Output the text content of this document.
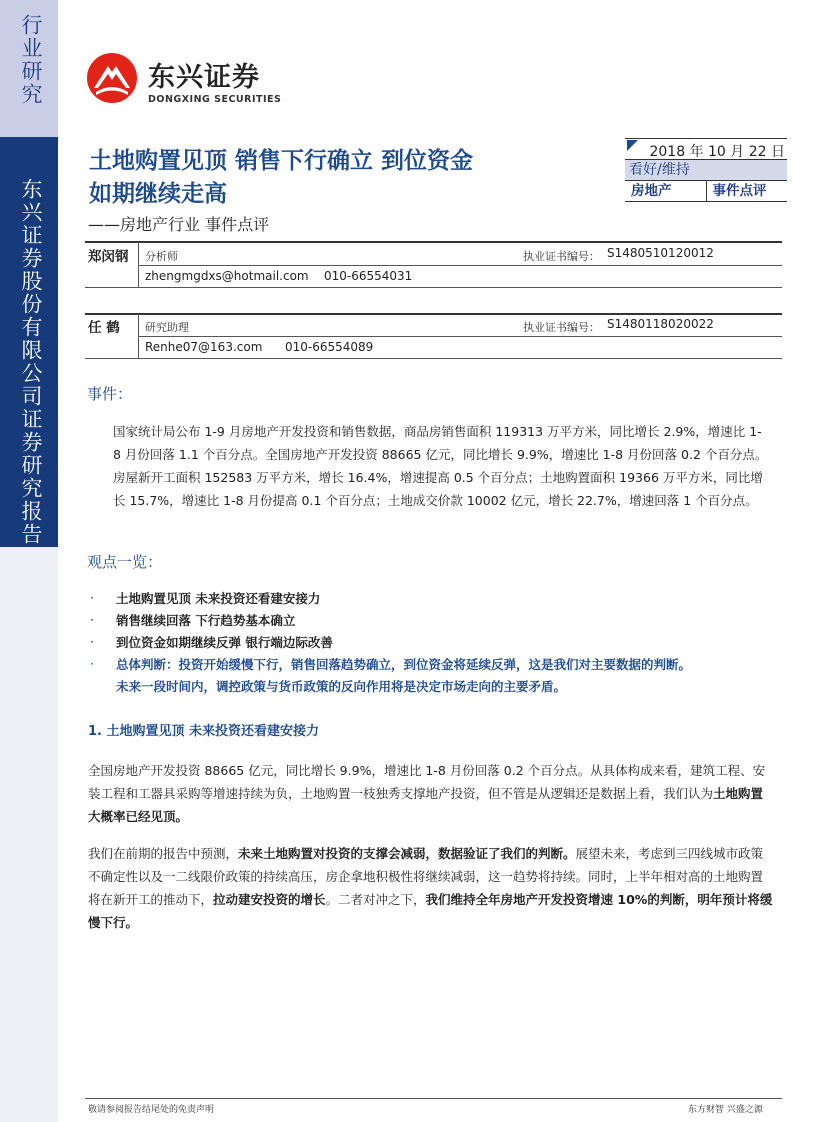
行业研究
东兴证券股份有限公司证券研究报告
东兴证券
DONGXING SECURITIES
土地购置见顶 销售下行确立 到位资金
如期继续走高
——房地产行业 事件点评
2018 年 10 月 22 日
看好/维持
房地产	事件点评
郑闵钢 分析师	执业证书编号： S1480510120012
zhengmgdxs@hotmail.com 010-66554031
任 鹤 研究助理	执业证书编号： S1480118020022
Renhe07@163.com 010-66554089
事件：
国家统计局公布 1-9 月房地产开发投资和销售数据，商品房销售面积 119313 万平方米，同比增长 2.9%，增速比 1-8 月份回落 1.1 个百分点。全国房地产开发投资 88665 亿元，同比增长 9.9%，增速比 1-8 月份回落 0.2 个百分点。房屋新开工面积 152583 万平方米，增长 16.4%，增速提高 0.5 个百分点；土地购置面积 19366 万平方米，同比增长 15.7%，增速比 1-8 月份提高 0.1 个百分点；土地成交价款 10002 亿元，增长 22.7%，增速回落 1 个百分点。
观点一览：
· 土地购置见顶 未来投资还看建安接力
· 销售继续回落 下行趋势基本确立
· 到位资金如期继续反弹 银行端边际改善
· 总体判断：投资开始缓慢下行，销售回落趋势确立，到位资金将延续反弹，这是我们对主要数据的判断。
未来一段时间内，调控政策与货币政策的反向作用将是决定市场走向的主要矛盾。
1. 土地购置见顶 未来投资还看建安接力
全国房地产开发投资 88665 亿元，同比增长 9.9%，增速比 1-8 月份回落 0.2 个百分点。从具体构成来看，建筑工程、安装工程和工器具采购等增速持续为负，土地购置一枝独秀支撑地产投资，但不管是从逻辑还是数据上看，我们认为土地购置大概率已经见顶。
我们在前期的报告中预测，未来土地购置对投资的支撑会减弱，数据验证了我们的判断。展望未来，考虑到三四线城市政策不确定性以及一二线限价政策的持续高压，房企拿地积极性将继续减弱，这一趋势将持续。同时，上半年相对高的土地购置将在新开工的推动下，拉动建安投资的增长。二者对冲之下，我们维持全年房地产开发投资增速 10%的判断，明年预计将缓慢下行。
敬请参阅报告结尾处的免责声明	东方财智 兴盛之源
